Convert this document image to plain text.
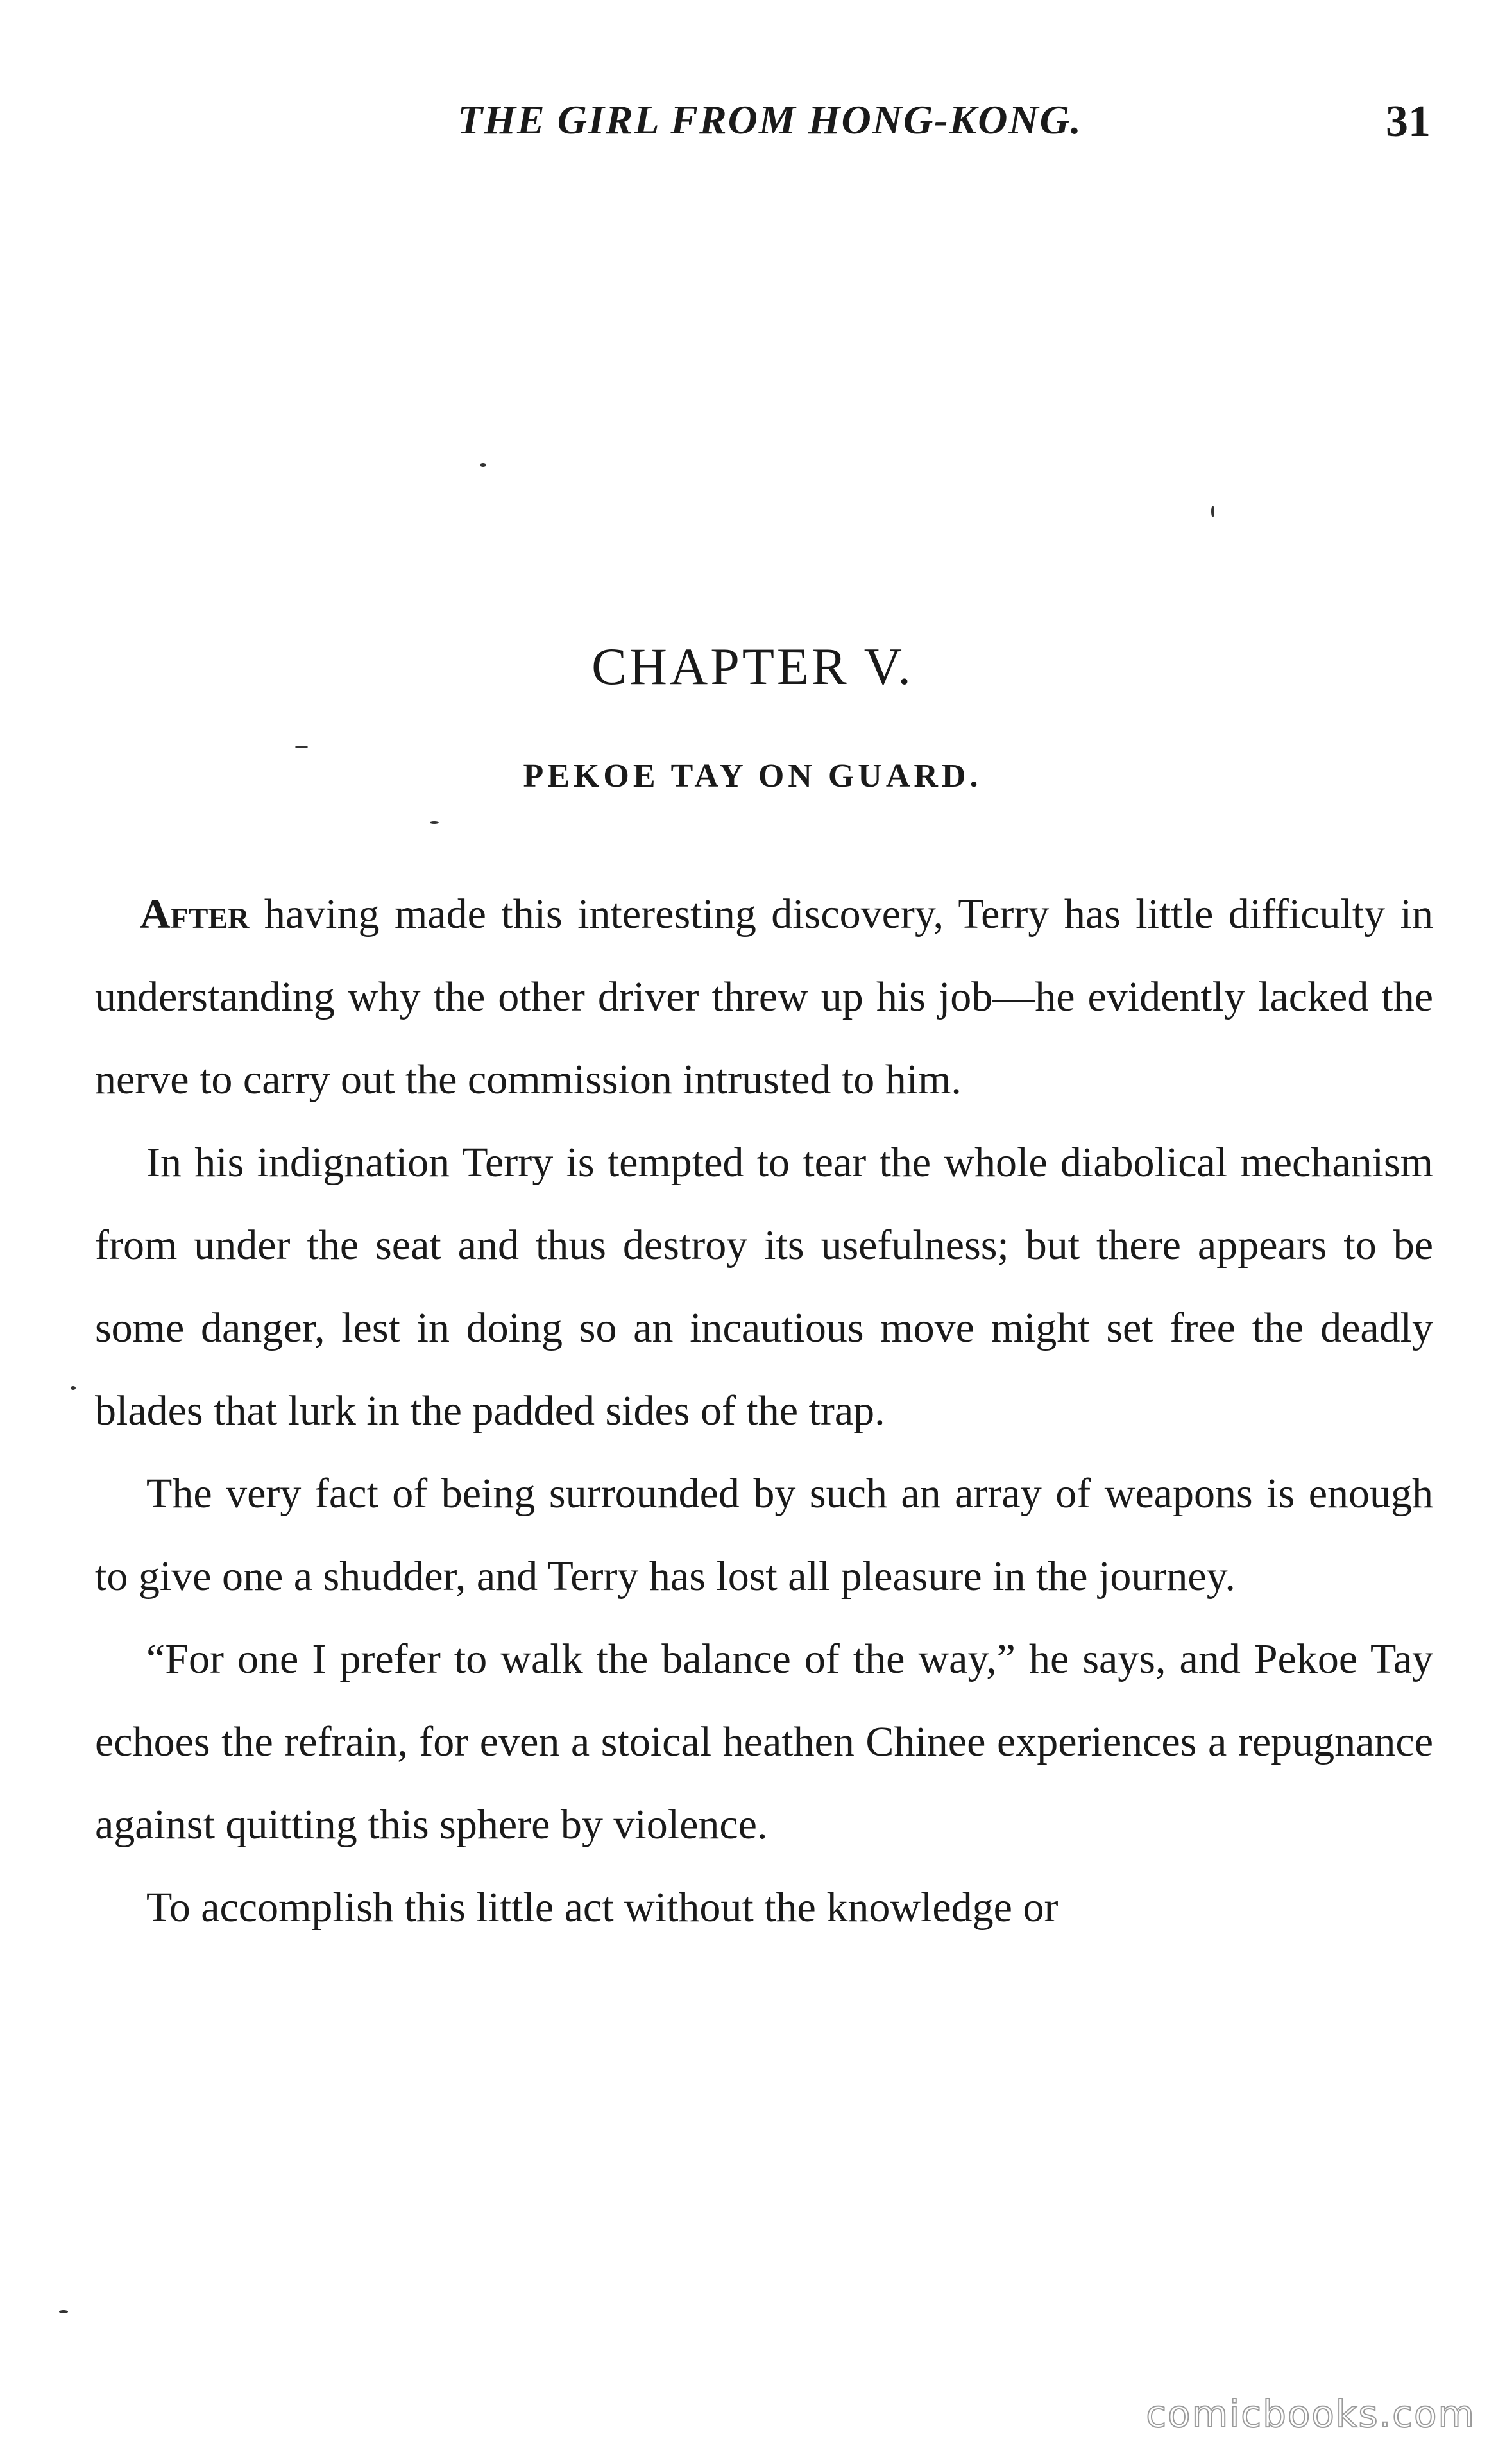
THE GIRL FROM HONG-KONG.	31
CHAPTER V.
PEKOE TAY ON GUARD.

After having made this interesting discovery, Terry has little difficulty in understanding why the other driver threw up his job—he evidently lacked the nerve to carry out the commission intrusted to him.

In his indignation Terry is tempted to tear the whole diabolical mechanism from under the seat and thus destroy its usefulness; but there appears to be some danger, lest in doing so an incautious move might set free the deadly blades that lurk in the padded sides of the trap.

The very fact of being surrounded by such an array of weapons is enough to give one a shudder, and Terry has lost all pleasure in the journey.

“For one I prefer to walk the balance of the way,” he says, and Pekoe Tay echoes the refrain, for even a stoical heathen Chinee experiences a repugnance against quitting this sphere by violence.

To accomplish this little act without the knowledge or

comicbooks.com
